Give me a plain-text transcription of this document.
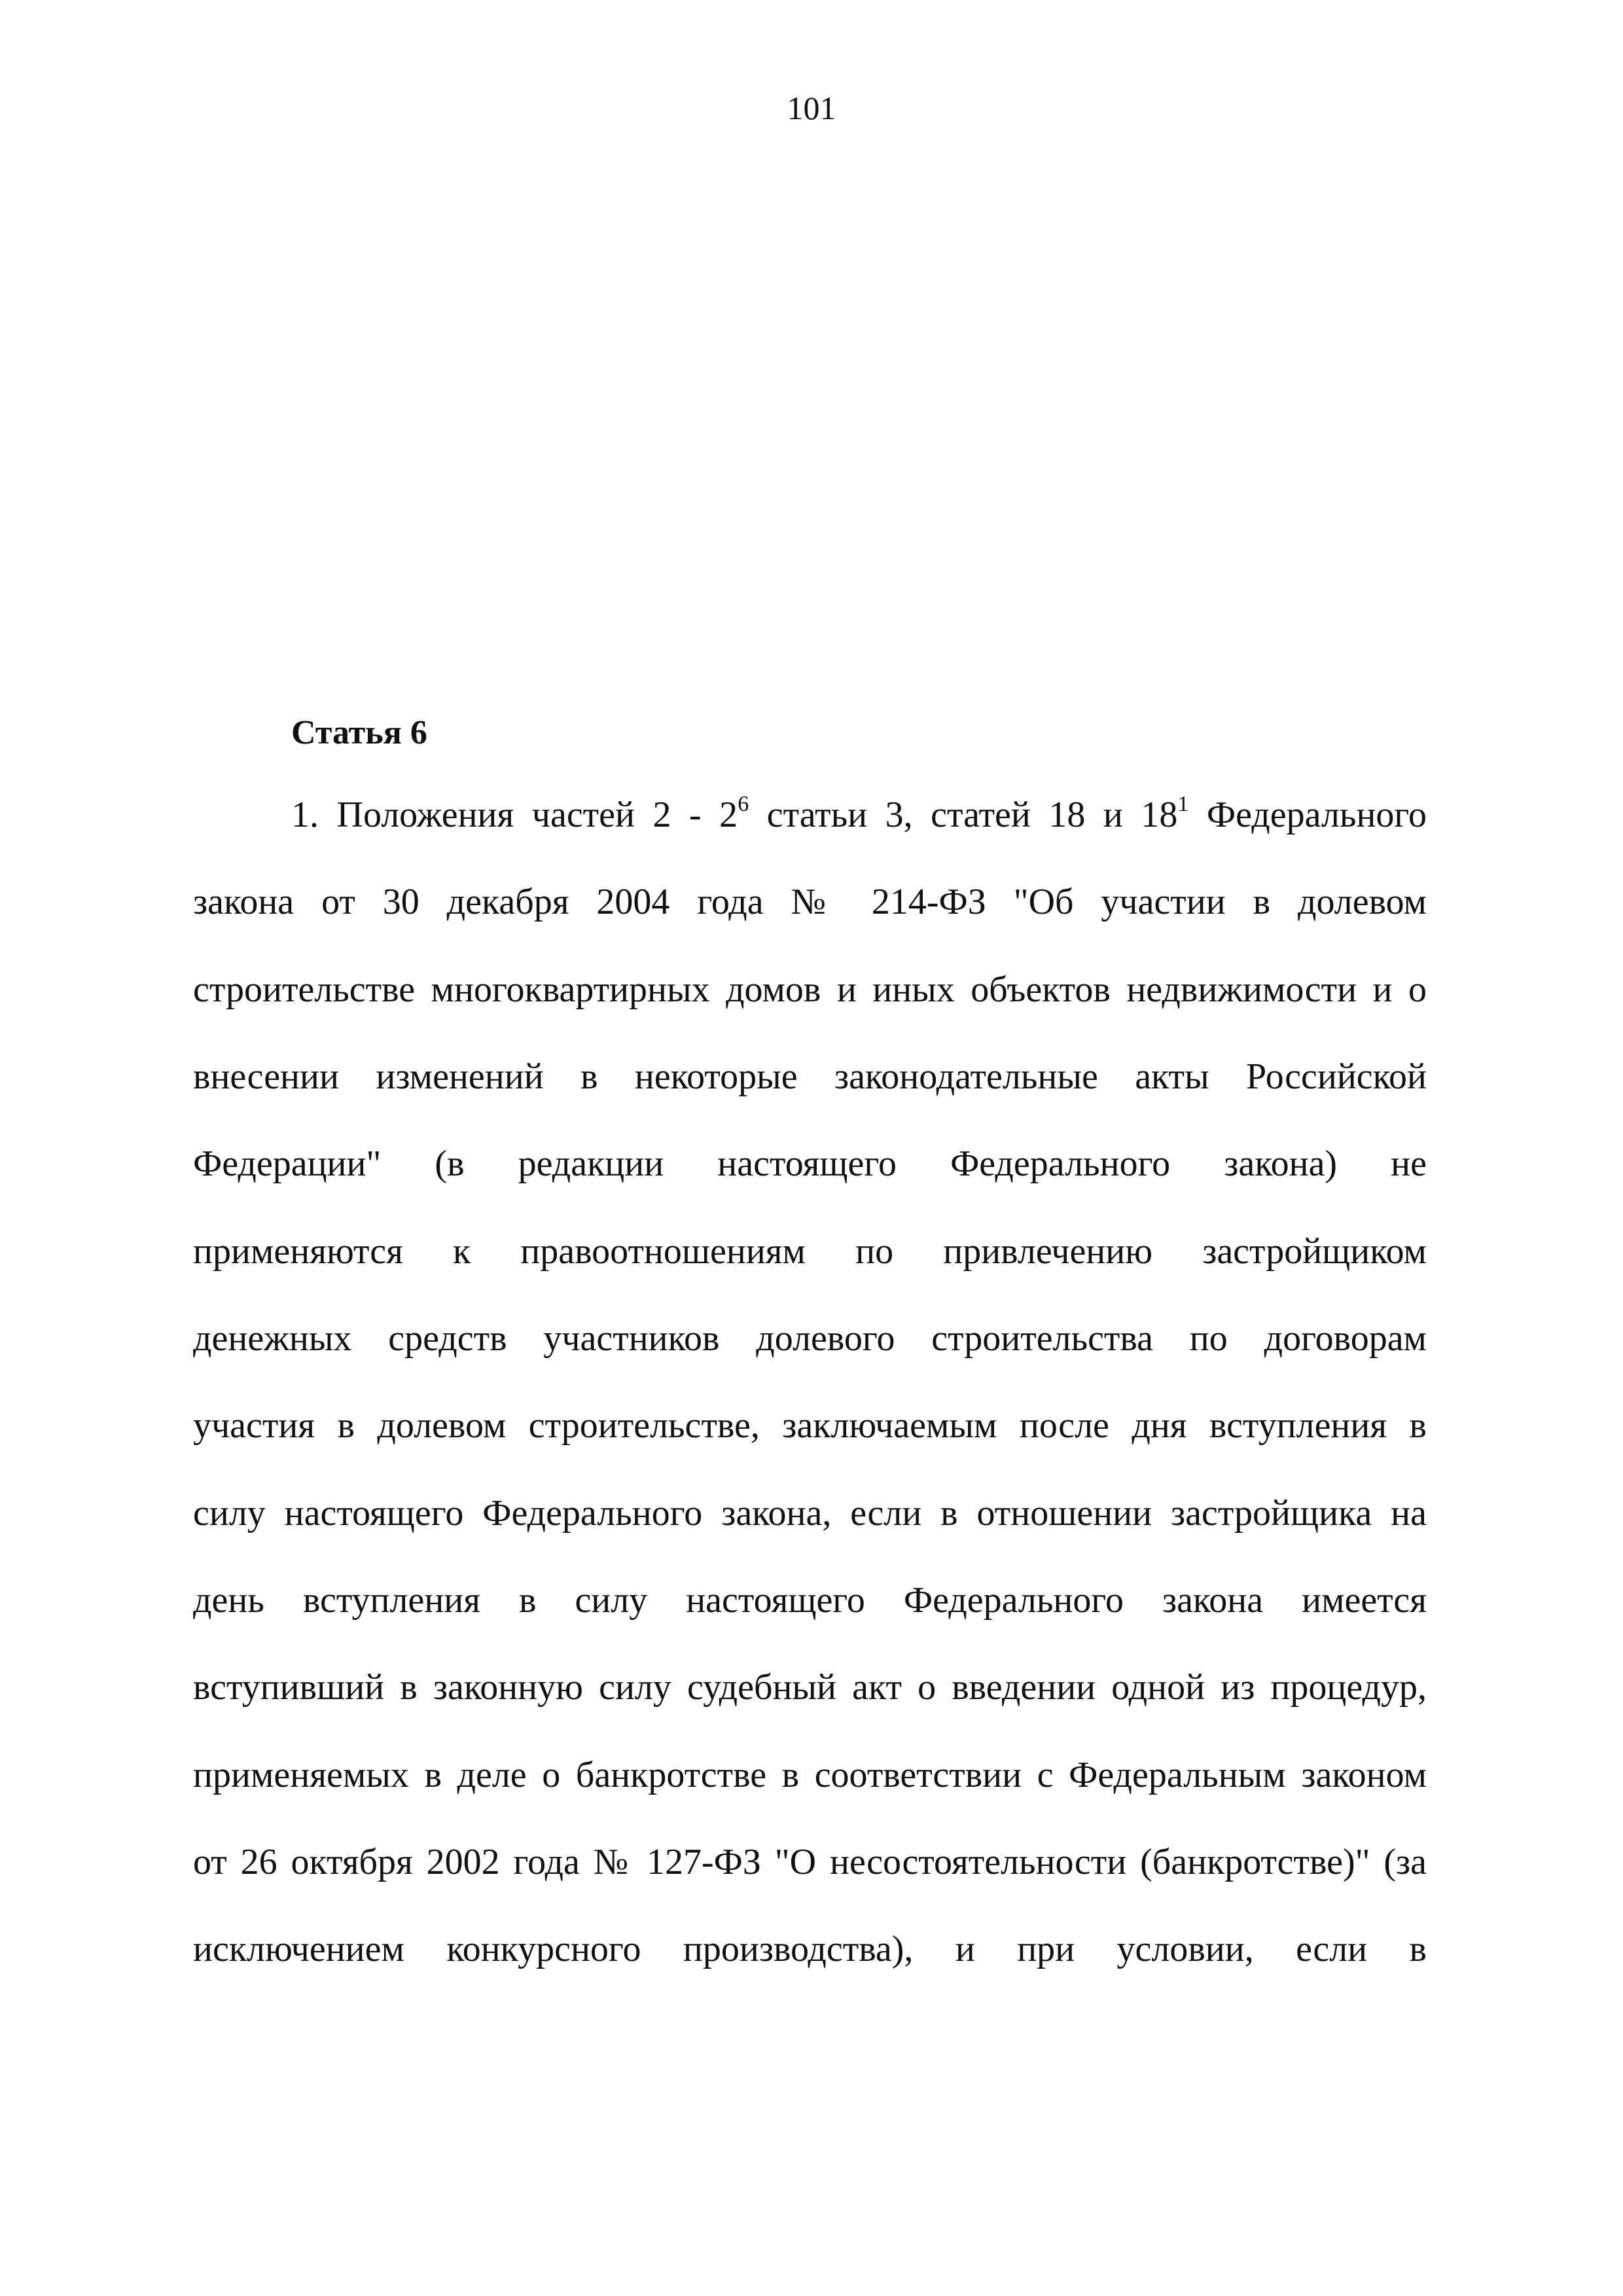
101
Статья 6
1. Положения частей $2 - 2^6$ статьи 3, статей 18 и $18^1$ Федерального
закона от 30 декабря 2004 года № 214-ФЗ "Об участии в долевом
строительстве многоквартирных домов и иных объектов недвижимости и о
внесении изменений в некоторые законодательные акты Российской
Федерации" (в редакции настоящего Федерального закона) не
применяются к правоотношениям по привлечению застройщиком
денежных средств участников долевого строительства по договорам
участия в долевом строительстве, заключаемым после дня вступления в
силу настоящего Федерального закона, если в отношении застройщика на
день вступления в силу настоящего Федерального закона имеется
вступивший в законную силу судебный акт о введении одной из процедур,
применяемых в деле о банкротстве в соответствии с Федеральным законом
от 26 октября 2002 года № 127-ФЗ "О несостоятельности (банкротстве)" (за
исключением конкурсного производства), и при условии, если в
